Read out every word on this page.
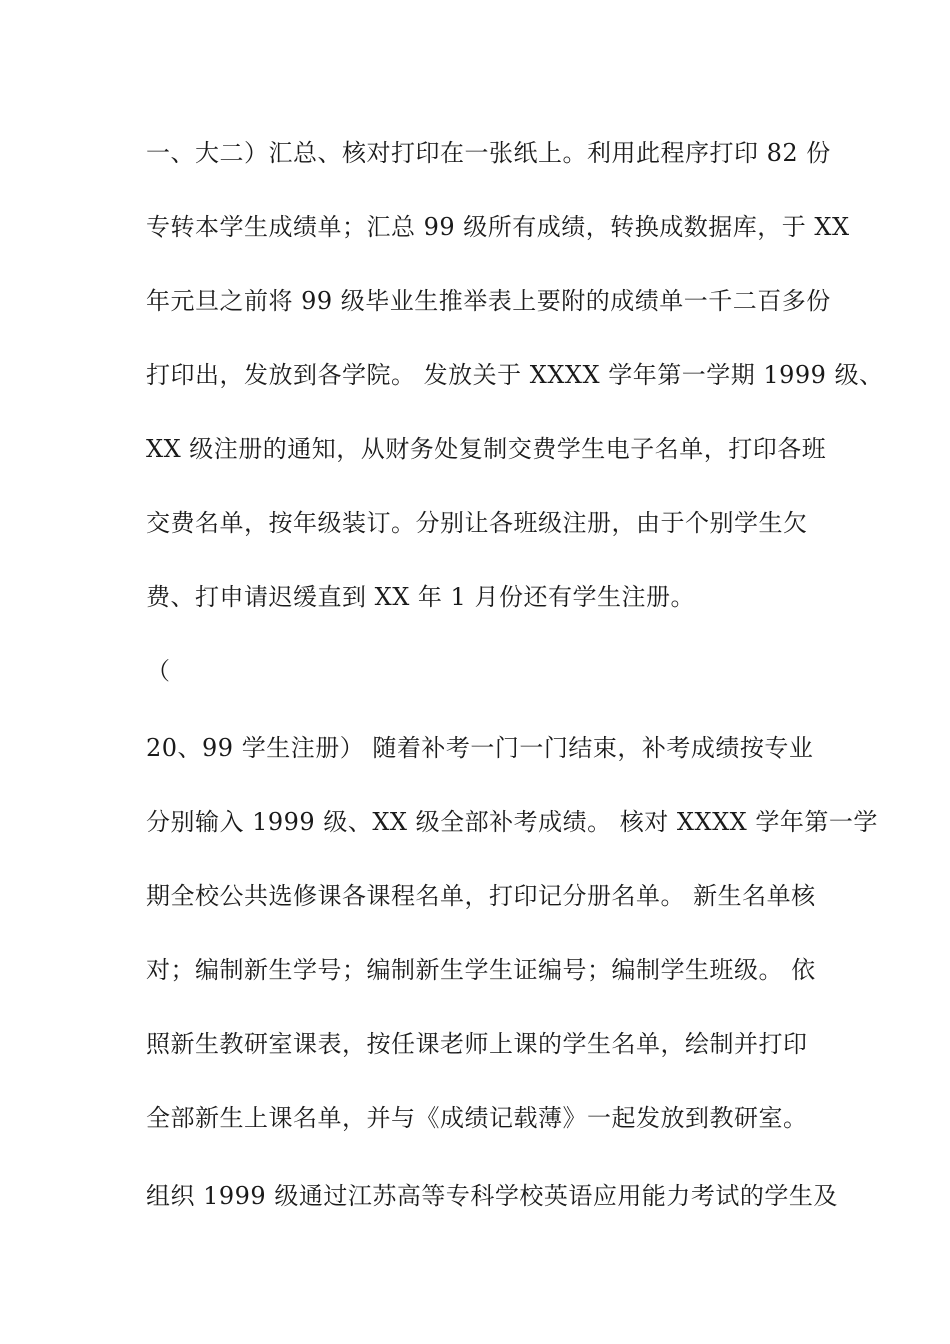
一、大二）汇总、核对打印在一张纸上。利用此程序打印 82 份
专转本学生成绩单；汇总 99 级所有成绩，转换成数据库，于 XX
年元旦之前将 99 级毕业生推举表上要附的成绩单一千二百多份
打印出，发放到各学院。 发放关于 XXXX 学年第一学期 1999 级、
XX 级注册的通知，从财务处复制交费学生电子名单，打印各班
交费名单，按年级装订。分别让各班级注册，由于个别学生欠
费、打申请迟缓直到 XX 年 1 月份还有学生注册。
（
20、99 学生注册） 随着补考一门一门结束，补考成绩按专业
分别输入 1999 级、XX 级全部补考成绩。 核对 XXXX 学年第一学
期全校公共选修课各课程名单，打印记分册名单。 新生名单核
对；编制新生学号；编制新生学生证编号；编制学生班级。 依
照新生教研室课表，按任课老师上课的学生名单，绘制并打印
全部新生上课名单，并与《成绩记载薄》一起发放到教研室。
组织 1999 级通过江苏高等专科学校英语应用能力考试的学生及
